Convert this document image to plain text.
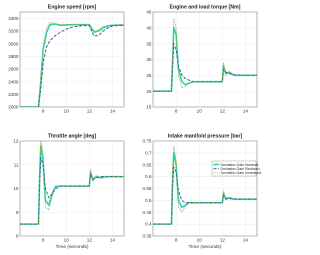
Engine speed [rpm]
8	10	12	14
2000
2200
2400
2600
2800
3000
3200
3400
Engine and load torque [Nm]
8	10	12	14
15
20
25
30
35
40
45
Throttle angle [deg]
8	10	12	14
8
9
10
11
12
Time (seconds)
Intake manifold pressure [bar]
8	10	12	14
0.35
0.4
0.45
0.5
0.55
0.6
0.65
0.7
0.75
Time (seconds)
Deviation Gain Nominal
Deviation Gain Reduced
Deviation Gain Increased
